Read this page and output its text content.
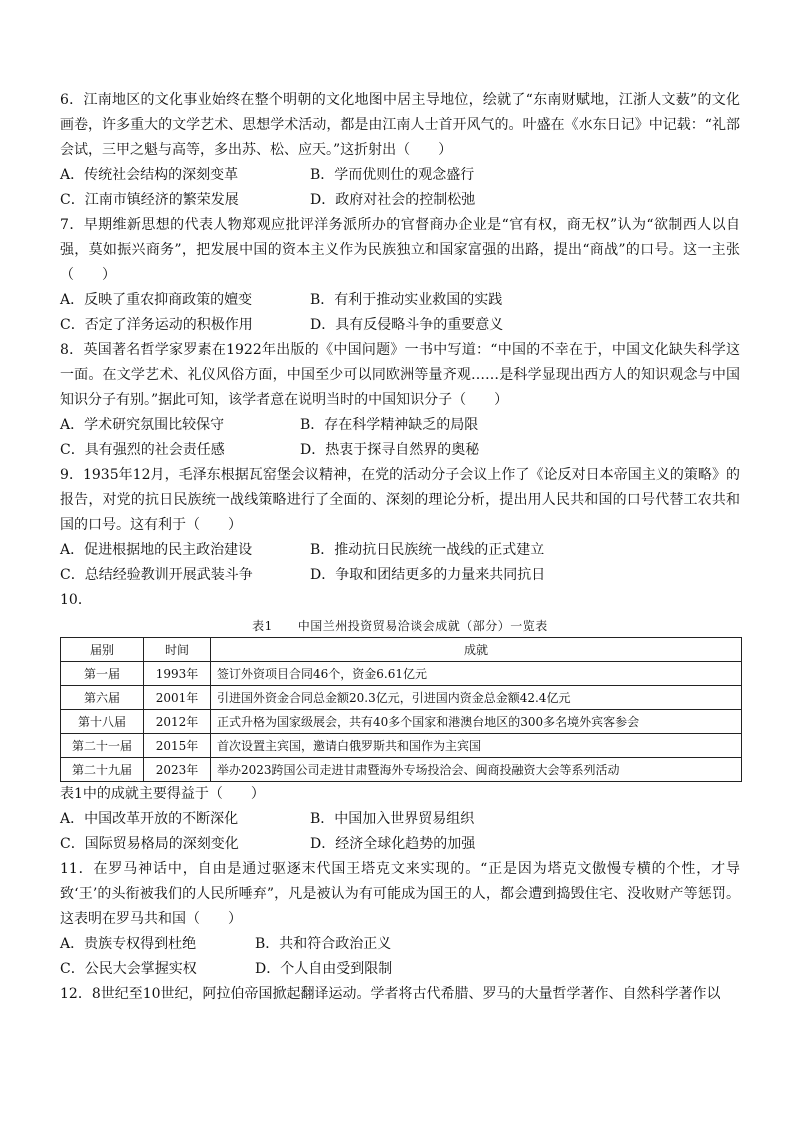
6．江南地区的文化事业始终在整个明朝的文化地图中居主导地位，绘就了“东南财赋地，江浙人文薮”的文化画卷，许多重大的文学艺术、思想学术活动，都是由江南人士首开风气的。叶盛在《水东日记》中记载：“礼部会试，三甲之魁与高等，多出苏、松、应天。”这折射出（　　）

A．传统社会结构的深刻变革	B．学而优则仕的观念盛行
C．江南市镇经济的繁荣发展	D．政府对社会的控制松弛

7．早期维新思想的代表人物郑观应批评洋务派所办的官督商办企业是“官有权，商无权”认为“欲制西人以自强，莫如振兴商务”，把发展中国的资本主义作为民族独立和国家富强的出路，提出“商战”的口号。这一主张（　　）

A．反映了重农抑商政策的嬗变	B．有利于推动实业救国的实践
C．否定了洋务运动的积极作用	D．具有反侵略斗争的重要意义

8．英国著名哲学家罗素在1922年出版的《中国问题》一书中写道：“中国的不幸在于，中国文化缺失科学这一面。在文学艺术、礼仪风俗方面，中国至少可以同欧洲等量齐观……是科学显现出西方人的知识观念与中国知识分子有别。”据此可知，该学者意在说明当时的中国知识分子（　　）

A．学术研究氛围比较保守	B．存在科学精神缺乏的局限
C．具有强烈的社会责任感	D．热衷于探寻自然界的奥秘

9．1935年12月，毛泽东根据瓦窑堡会议精神，在党的活动分子会议上作了《论反对日本帝国主义的策略》的报告，对党的抗日民族统一战线策略进行了全面的、深刻的理论分析，提出用人民共和国的口号代替工农共和国的口号。这有利于（　　）

A．促进根据地的民主政治建设	B．推动抗日民族统一战线的正式建立
C．总结经验教训开展武装斗争	D．争取和团结更多的力量来共同抗日

10．

表1　　中国兰州投资贸易洽谈会成就（部分）一览表
届别	时间	成就
第一届	1993年	签订外资项目合同46个，资金6.61亿元
第六届	2001年	引进国外资金合同总金额20.3亿元，引进国内资金总金额42.4亿元
第十八届	2012年	正式升格为国家级展会，共有40多个国家和港澳台地区的300多名境外宾客参会
第二十一届	2015年	首次设置主宾国，邀请白俄罗斯共和国作为主宾国
第二十九届	2023年	举办2023跨国公司走进甘肃暨海外专场投洽会、闽商投融资大会等系列活动

表1中的成就主要得益于（　　）

A．中国改革开放的不断深化	B．中国加入世界贸易组织
C．国际贸易格局的深刻变化	D．经济全球化趋势的加强

11．在罗马神话中，自由是通过驱逐末代国王塔克文来实现的。“正是因为塔克文傲慢专横的个性，才导致‘王’的头衔被我们的人民所唾弃”，凡是被认为有可能成为国王的人，都会遭到捣毁住宅、没收财产等惩罚。这表明在罗马共和国（　　）

A．贵族专权得到杜绝	B．共和符合政治正义
C．公民大会掌握实权	D．个人自由受到限制

12．8世纪至10世纪，阿拉伯帝国掀起翻译运动。学者将古代希腊、罗马的大量哲学著作、自然科学著作以
